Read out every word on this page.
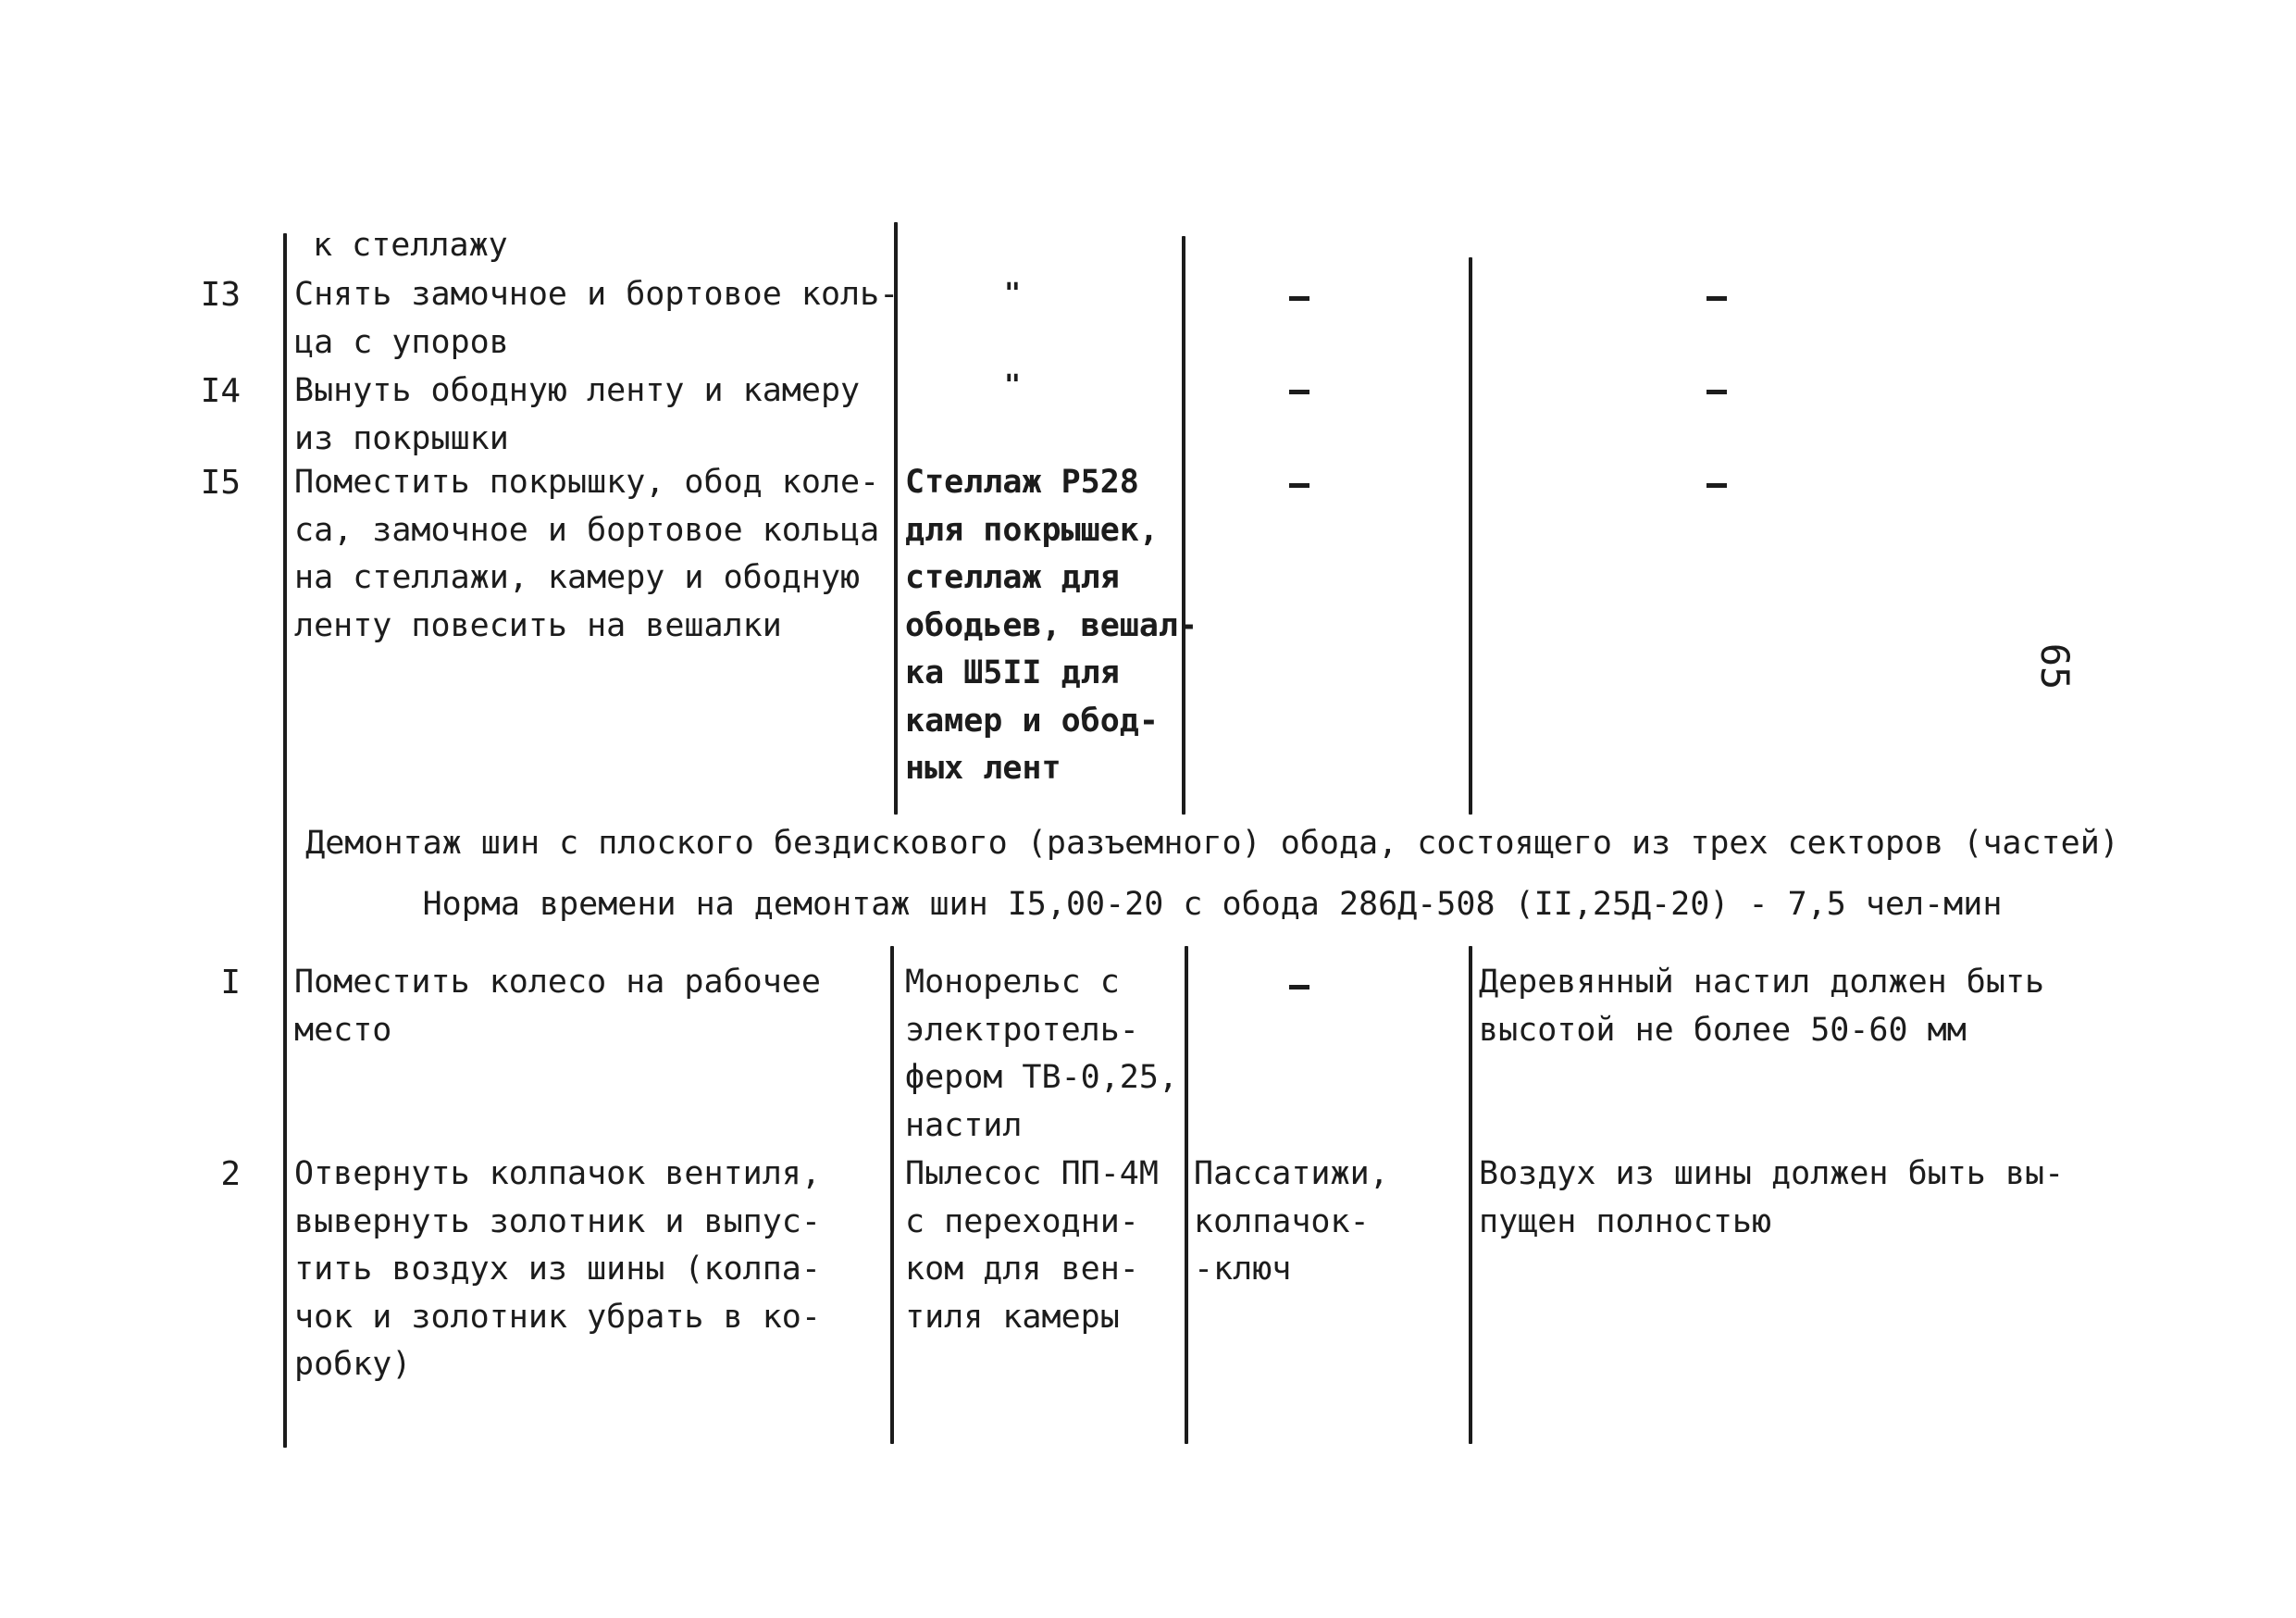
к стеллажу
I3 Снять замочное и бортовое коль-
ца с упоров
"
I4 Вынуть ободную ленту и камеру
из покрышки
"
I5 Поместить покрышку, обод коле-
са, замочное и бортовое кольца
на стеллажи, камеру и ободную
ленту повесить на вешалки
Стеллаж Р528
для покрышек,
стеллаж для
ободьев, вешал-
ка Ш5II для
камер и обод-
ных лент
Демонтаж шин с плоского бездискового (разъемного) обода, состоящего из трех секторов (частей)
Норма времени на демонтаж шин I5,00-20 с обода 286Д-508 (II,25Д-20) - 7,5 чел-мин
I Поместить колесо на рабочее
место
Монорельс с
электротель-
фером ТВ-0,25,
настил
Деревянный настил должен быть
высотой не более 50-60 мм
2 Отвернуть колпачок вентиля,
вывернуть золотник и выпус-
тить воздух из шины (колпа-
чок и золотник убрать в ко-
робку)
Пылесос ПП-4М
с переходни-
ком для вен-
тиля камеры
Пассатижи,
колпачок-
-ключ
Воздух из шины должен быть вы-
пущен полностью
65
